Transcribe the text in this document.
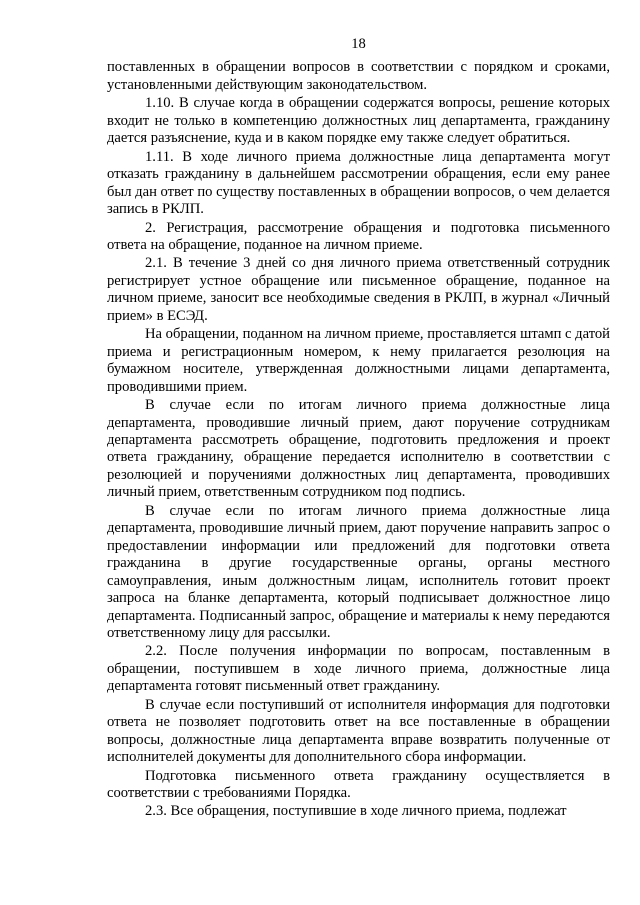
18

поставленных в обращении вопросов в соответствии с порядком и сроками, установленными действующим законодательством.

1.10. В случае когда в обращении содержатся вопросы, решение которых входит не только в компетенцию должностных лиц департамента, гражданину дается разъяснение, куда и в каком порядке ему также следует обратиться.

1.11. В ходе личного приема должностные лица департамента могут отказать гражданину в дальнейшем рассмотрении обращения, если ему ранее был дан ответ по существу поставленных в обращении вопросов, о чем делается запись в РКЛП.

2. Регистрация, рассмотрение обращения и подготовка письменного ответа на обращение, поданное на личном приеме.

2.1. В течение 3 дней со дня личного приема ответственный сотрудник регистрирует устное обращение или письменное обращение, поданное на личном приеме, заносит все необходимые сведения в РКЛП, в журнал «Личный прием» в ЕСЭД.

На обращении, поданном на личном приеме, проставляется штамп с датой приема и регистрационным номером, к нему прилагается резолюция на бумажном носителе, утвержденная должностными лицами департамента, проводившими прием.

В случае если по итогам личного приема должностные лица департамента, проводившие личный прием, дают поручение сотрудникам департамента рассмотреть обращение, подготовить предложения и проект ответа гражданину, обращение передается исполнителю в соответствии с резолюцией и поручениями должностных лиц департамента, проводивших личный прием, ответственным сотрудником под подпись.

В случае если по итогам личного приема должностные лица департамента, проводившие личный прием, дают поручение направить запрос о предоставлении информации или предложений для подготовки ответа гражданина в другие государственные органы, органы местного самоуправления, иным должностным лицам, исполнитель готовит проект запроса на бланке департамента, который подписывает должностное лицо департамента. Подписанный запрос, обращение и материалы к нему передаются ответственному лицу для рассылки.

2.2. После получения информации по вопросам, поставленным в обращении, поступившем в ходе личного приема, должностные лица департамента готовят письменный ответ гражданину.

В случае если поступивший от исполнителя информация для подготовки ответа не позволяет подготовить ответ на все поставленные в обращении вопросы, должностные лица департамента вправе возвратить полученные от исполнителей документы для дополнительного сбора информации.

Подготовка письменного ответа гражданину осуществляется в соответствии с требованиями Порядка.

2.3. Все обращения, поступившие в ходе личного приема, подлежат
